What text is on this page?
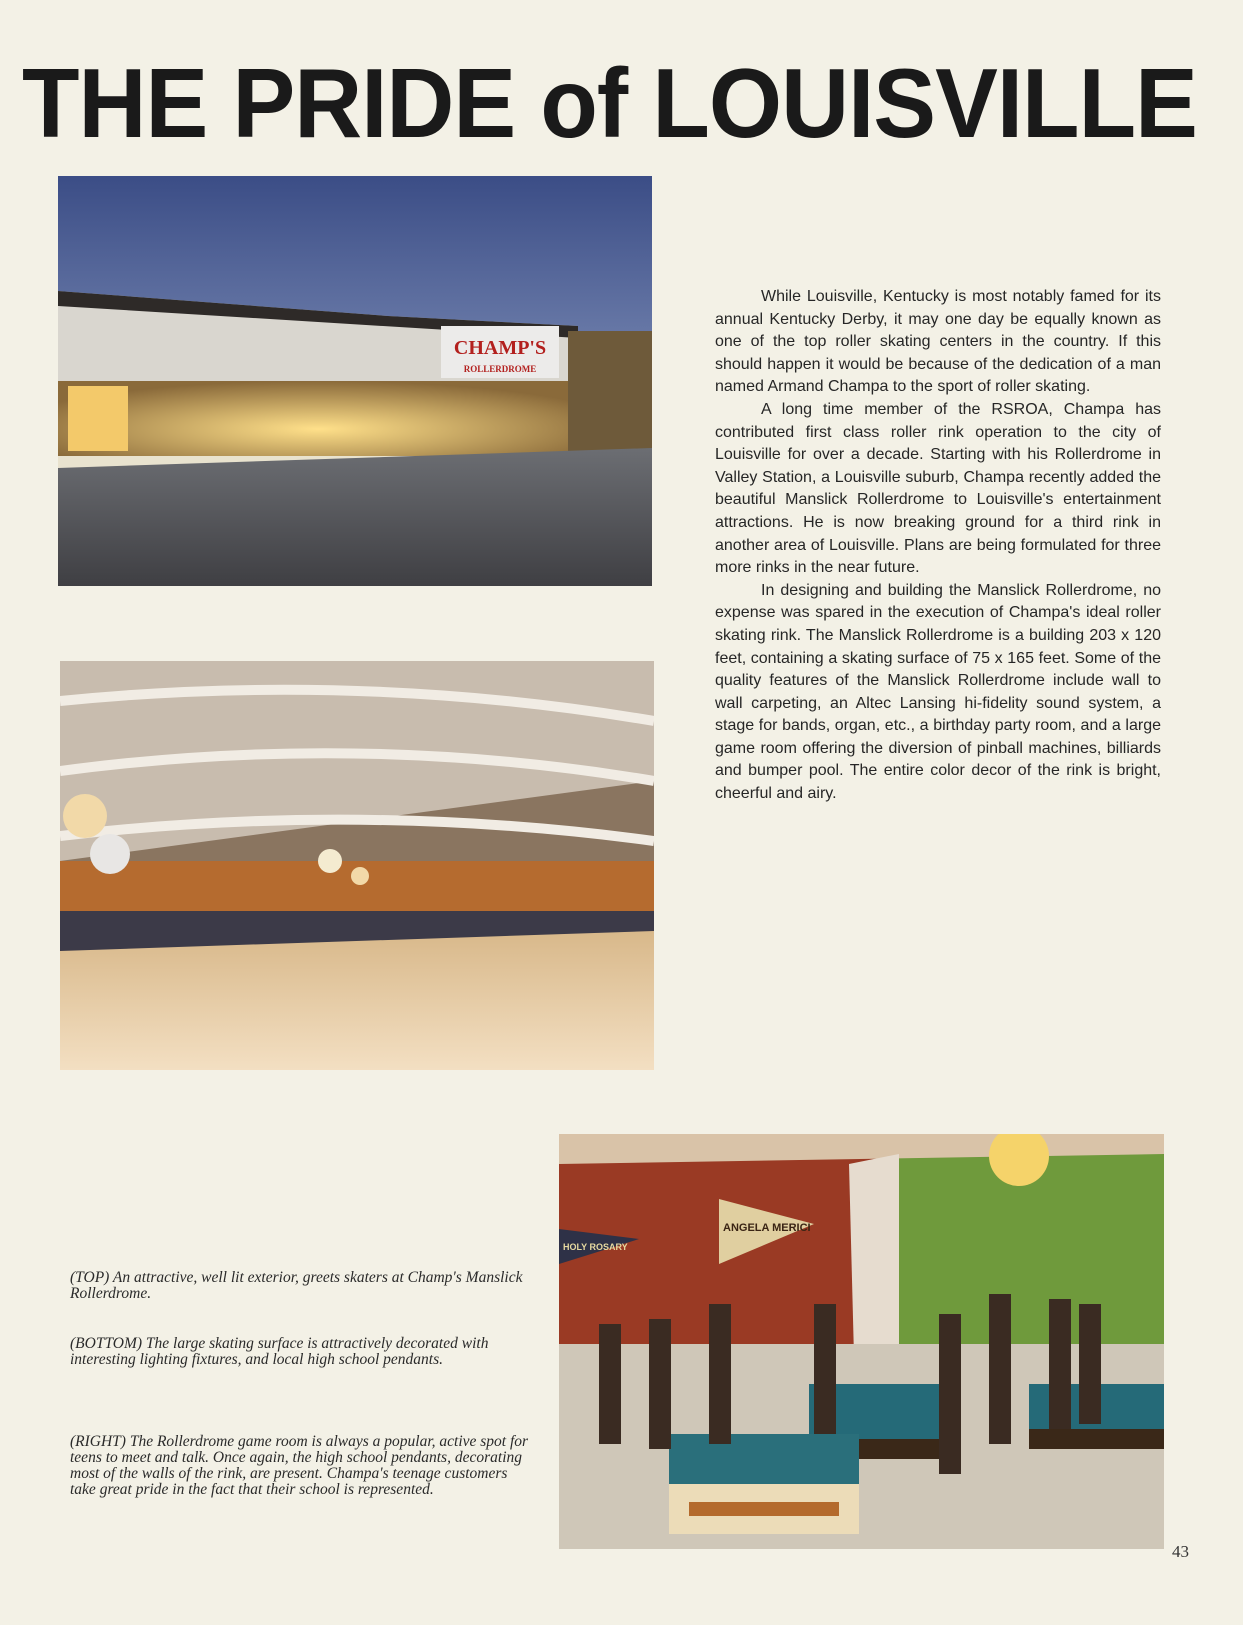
THE PRIDE of LOUISVILLE
CHAMP'S
ROLLERDROME
HOLY ROSARY
ANGELA MERICI

While Louisville, Kentucky is most notably famed for its annual Kentucky Derby, it may one day be equally known as one of the top roller skating centers in the country. If this should happen it would be because of the dedication of a man named Armand Champa to the sport of roller skating.

A long time member of the RSROA, Champa has contributed first class roller rink operation to the city of Louisville for over a decade. Starting with his Rollerdrome in Valley Station, a Louisville suburb, Champa recently added the beautiful Manslick Rollerdrome to Louisville's entertainment attractions. He is now breaking ground for a third rink in another area of Louisville. Plans are being formulated for three more rinks in the near future.

In designing and building the Manslick Rollerdrome, no expense was spared in the execution of Champa's ideal roller skating rink. The Manslick Rollerdrome is a building 203 x 120 feet, containing a skating surface of 75 x 165 feet. Some of the quality features of the Manslick Rollerdrome include wall to wall carpeting, an Altec Lansing hi-fidelity sound system, a stage for bands, organ, etc., a birthday party room, and a large game room offering the diversion of pinball machines, billiards and bumper pool. The entire color decor of the rink is bright, cheerful and airy.

(TOP) An attractive, well lit exterior, greets skaters at Champ's Manslick Rollerdrome.
(BOTTOM) The large skating surface is attractively decorated with interesting lighting fixtures, and local high school pendants.
(RIGHT) The Rollerdrome game room is always a popular, active spot for teens to meet and talk. Once again, the high school pendants, decorating most of the walls of the rink, are present. Champa's teenage customers take great pride in the fact that their school is represented.
43
